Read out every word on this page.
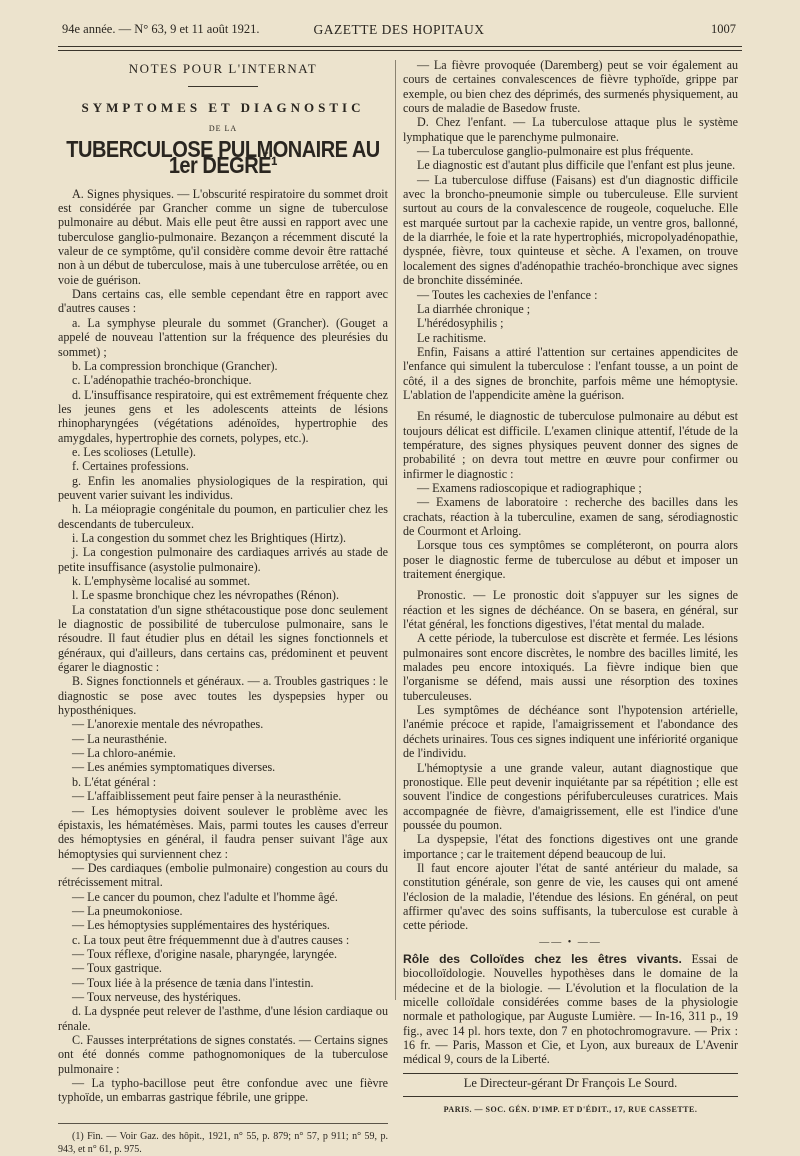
94e année. — N° 63, 9 et 11 août 1921.	GAZETTE DES HOPITAUX	1007

NOTES POUR L'INTERNAT

SYMPTOMES ET DIAGNOSTIC

DE LA

TUBERCULOSE PULMONAIRE AU 1er DEGRÉ¹

A. Signes physiques. — L'obscurité respiratoire du sommet droit est considérée par Grancher comme un signe de tuberculose pulmonaire au début. Mais elle peut être aussi en rapport avec une tuberculose ganglio-pulmonaire. Bezançon a récemment discuté la valeur de ce symptôme, qu'il considère comme devoir être rattaché non à un début de tuberculose, mais à une tuberculose arrêtée, ou en voie de guérison.

Dans certains cas, elle semble cependant être en rapport avec d'autres causes :

a. La symphyse pleurale du sommet (Grancher). (Gouget a appelé de nouveau l'attention sur la fréquence des pleurésies du sommet) ;

b. La compression bronchique (Grancher).

c. L'adénopathie trachéo-bronchique.

d. L'insuffisance respiratoire, qui est extrêmement fréquente chez les jeunes gens et les adolescents atteints de lésions rhinopharyngées (végétations adénoïdes, hypertrophie des amygdales, hypertrophie des cornets, polypes, etc.).

e. Les scolioses (Letulle).

f. Certaines professions.

g. Enfin les anomalies physiologiques de la respiration, qui peuvent varier suivant les individus.

h. La méiopragie congénitale du poumon, en particulier chez les descendants de tuberculeux.

i. La congestion du sommet chez les Brightiques (Hirtz).

j. La congestion pulmonaire des cardiaques arrivés au stade de petite insuffisance (asystolie pulmonaire).

k. L'emphysème localisé au sommet.

l. Le spasme bronchique chez les névropathes (Rénon).

La constatation d'un signe sthétacoustique pose donc seulement le diagnostic de possibilité de tuberculose pulmonaire, sans le résoudre. Il faut étudier plus en détail les signes fonctionnels et généraux, qui d'ailleurs, dans certains cas, prédominent et peuvent égarer le diagnostic :

B. Signes fonctionnels et généraux. — a. Troubles gastriques : le diagnostic se pose avec toutes les dyspepsies hyper ou hyposthéniques.

— L'anorexie mentale des névropathes.

— La neurasthénie.

— La chloro-anémie.

— Les anémies symptomatiques diverses.

b. L'état général :

— L'affaiblissement peut faire penser à la neurasthénie.

— Les hémoptysies doivent soulever le problème avec les épistaxis, les hématémèses. Mais, parmi toutes les causes d'erreur des hémoptysies en général, il faudra penser suivant l'âge aux hémoptysies qui surviennent chez :

— Des cardiaques (embolie pulmonaire) congestion au cours du rétrécissement mitral.

— Le cancer du poumon, chez l'adulte et l'homme âgé.

— La pneumokoniose.

— Les hémoptysies supplémentaires des hystériques.

c. La toux peut être fréquemmennt due à d'autres causes :

— Toux réflexe, d'origine nasale, pharyngée, laryngée.

— Toux gastrique.

— Toux liée à la présence de tænia dans l'intestin.

— Toux nerveuse, des hystériques.

d. La dyspnée peut relever de l'asthme, d'une lésion cardiaque ou rénale.

C. Fausses interprétations de signes constatés. — Certains signes ont été donnés comme pathognomoniques de la tuberculose pulmonaire :

— La typho-bacillose peut être confondue avec une fièvre typhoïde, un embarras gastrique fébrile, une grippe.

(1) Fin. — Voir Gaz. des hôpit., 1921, n° 55, p. 879; n° 57, p 911; n° 59, p. 943, et n° 61, p. 975.

— La fièvre provoquée (Daremberg) peut se voir également au cours de certaines convalescences de fièvre typhoïde, grippe par exemple, ou bien chez des déprimés, des surmenés physiquement, au cours de maladie de Basedow fruste.

D. Chez l'enfant. — La tuberculose attaque plus le système lymphatique que le parenchyme pulmonaire.

— La tuberculose ganglio-pulmonaire est plus fréquente.

Le diagnostic est d'autant plus difficile que l'enfant est plus jeune.

— La tuberculose diffuse (Faisans) est d'un diagnostic difficile avec la broncho-pneumonie simple ou tuberculeuse. Elle survient surtout au cours de la convalescence de rougeole, coqueluche. Elle est marquée surtout par la cachexie rapide, un ventre gros, ballonné, de la diarrhée, le foie et la rate hypertrophiés, micropolyadénopathie, dyspnée, fièvre, toux quinteuse et sèche. A l'examen, on trouve localement des signes d'adénopathie trachéo-bronchique avec signes de bronchite disséminée.

— Toutes les cachexies de l'enfance :

La diarrhée chronique ;

L'hérédosyphilis ;

Le rachitisme.

Enfin, Faisans a attiré l'attention sur certaines appendicites de l'enfance qui simulent la tuberculose : l'enfant tousse, a un point de côté, il a des signes de bronchite, parfois même une hémoptysie. L'ablation de l'appendicite amène la guérison.

En résumé, le diagnostic de tuberculose pulmonaire au début est toujours délicat est difficile. L'examen clinique attentif, l'étude de la température, des signes physiques peuvent donner des signes de probabilité ; on devra tout mettre en œuvre pour confirmer ou infirmer le diagnostic :

— Examens radioscopique et radiographique ;

— Examens de laboratoire : recherche des bacilles dans les crachats, réaction à la tuberculine, examen de sang, sérodiagnostic de Courmont et Arloing.

Lorsque tous ces symptômes se compléteront, on pourra alors poser le diagnostic ferme de tuberculose au début et imposer un traitement énergique.

Pronostic. — Le pronostic doit s'appuyer sur les signes de réaction et les signes de déchéance. On se basera, en général, sur l'état général, les fonctions digestives, l'état mental du malade.

A cette période, la tuberculose est discrète et fermée. Les lésions pulmonaires sont encore discrètes, le nombre des bacilles limité, les malades peu encore intoxiqués. La fièvre indique bien que l'organisme se défend, mais aussi une résorption des toxines tuberculeuses.

Les symptômes de déchéance sont l'hypotension artérielle, l'anémie précoce et rapide, l'amaigrissement et l'abondance des déchets urinaires. Tous ces signes indiquent une infériorité organique de l'individu.

L'hémoptysie a une grande valeur, autant diagnostique que pronostique. Elle peut devenir inquiétante par sa répétition ; elle est souvent l'indice de congestions périfuberculeuses curatrices. Mais accompagnée de fièvre, d'amaigrissement, elle est l'indice d'une poussée du poumon.

La dyspepsie, l'état des fonctions digestives ont une grande importance ; car le traitement dépend beaucoup de lui.

Il faut encore ajouter l'état de santé antérieur du malade, sa constitution générale, son genre de vie, les causes qui ont amené l'éclosion de la maladie, l'étendue des lésions. En général, on peut affirmer qu'avec des soins suffisants, la tuberculose est curable à cette période.

—— • ——

Rôle des Colloïdes chez les êtres vivants. Essai de biocolloïdologie. Nouvelles hypothèses dans le domaine de la médecine et de la biologie. — L'évolution et la floculation de la micelle colloïdale considérées comme bases de la physiologie normale et pathologique, par Auguste Lumière. — In-16, 311 p., 19 fig., avec 14 pl. hors texte, don 7 en photochromogravure. — Prix : 16 fr. — Paris, Masson et Cie, et Lyon, aux bureaux de L'Avenir médical 9, cours de la Liberté.

Le Directeur-gérant Dr François Le Sourd.

PARIS. — SOC. GÉN. D'IMP. ET D'ÉDIT., 17, RUE CASSETTE.
